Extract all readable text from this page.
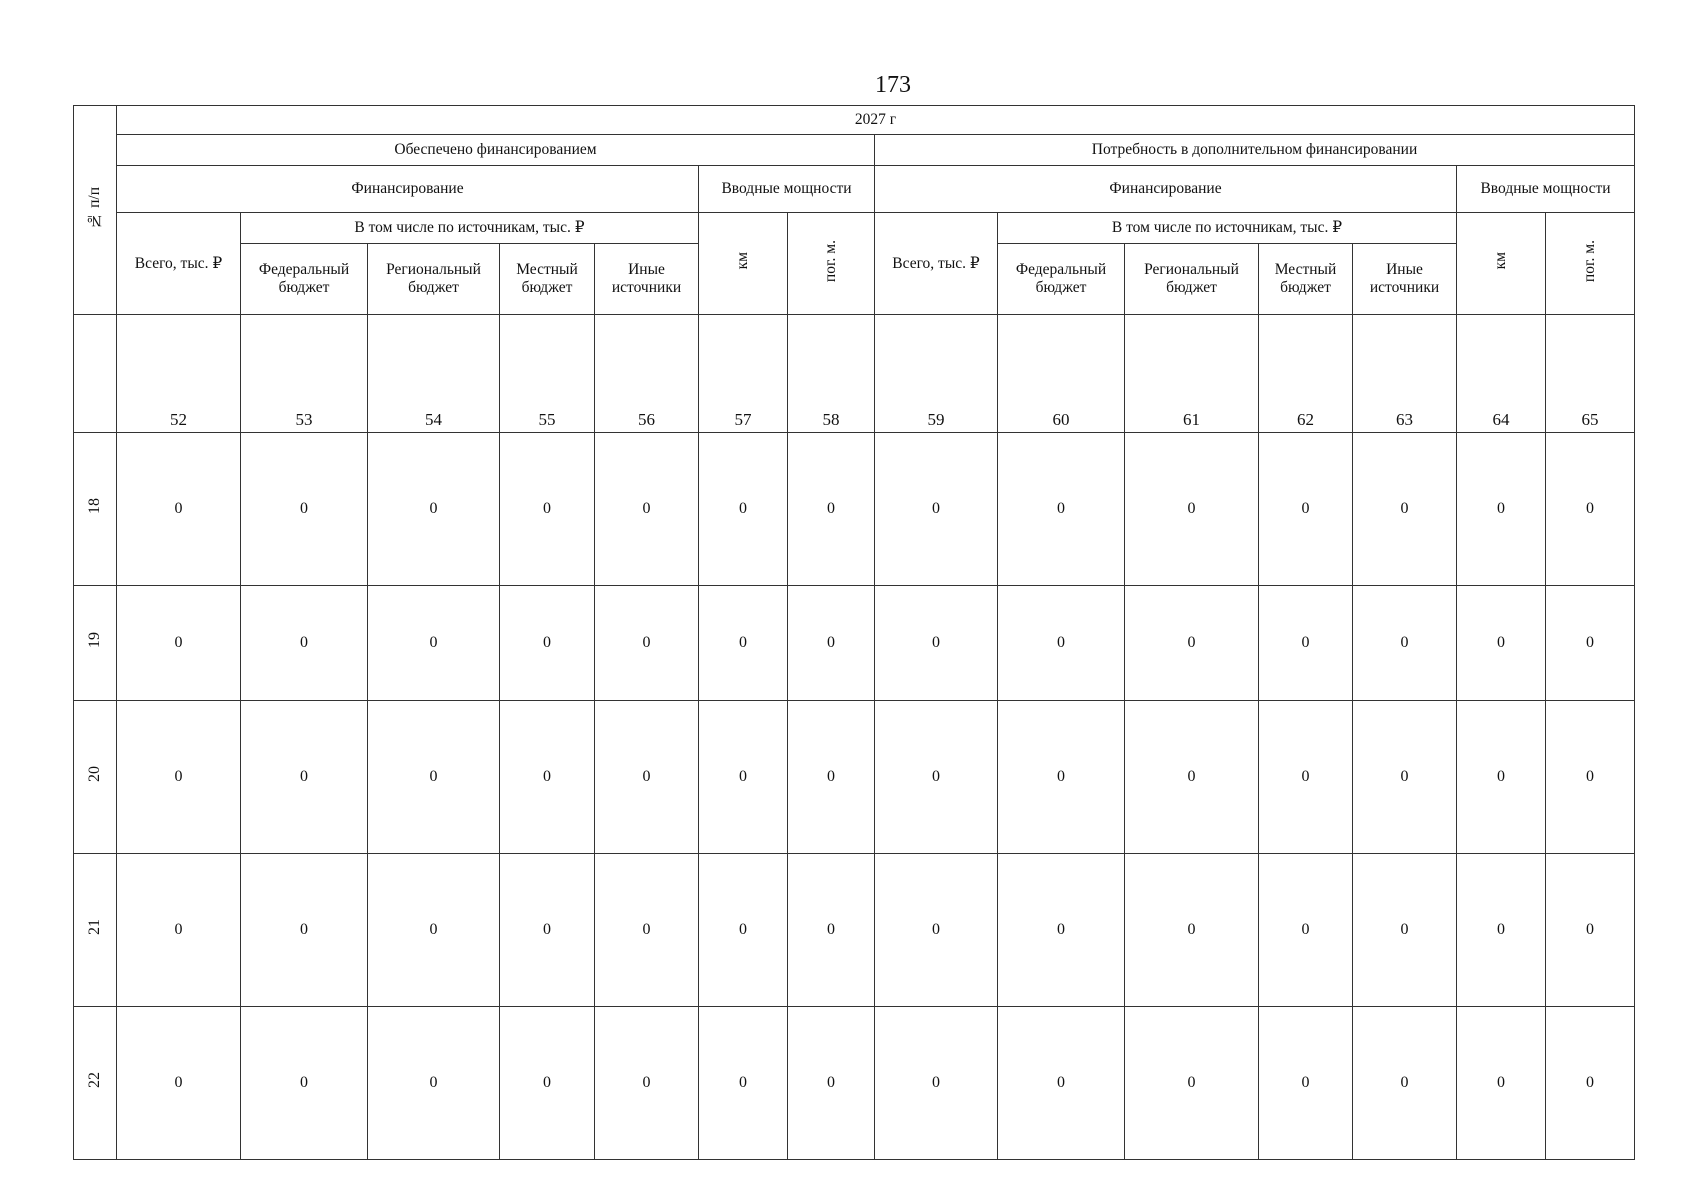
173
№ п/п	2027 г													
	Обеспечено финансированием							Потребность в дополнительном финансировании						
	Финансирование					Вводные мощности		Финансирование					Вводные мощности	
	Всего, тыс. ₽	В том числе по источникам, тыс. ₽				км	пог. м.	Всего, тыс. ₽	В том числе по источникам, тыс. ₽				км	пог. м.
		Федеральный бюджет	Региональный бюджет	Местный бюджет	Иные источники				Федеральный бюджет	Региональный бюджет	Местный бюджет	Иные источники		
	52	53	54	55	56	57	58	59	60	61	62	63	64	65
18	0	0	0	0	0	0	0	0	0	0	0	0	0	0
19	0	0	0	0	0	0	0	0	0	0	0	0	0	0
20	0	0	0	0	0	0	0	0	0	0	0	0	0	0
21	0	0	0	0	0	0	0	0	0	0	0	0	0	0
22	0	0	0	0	0	0	0	0	0	0	0	0	0	0
